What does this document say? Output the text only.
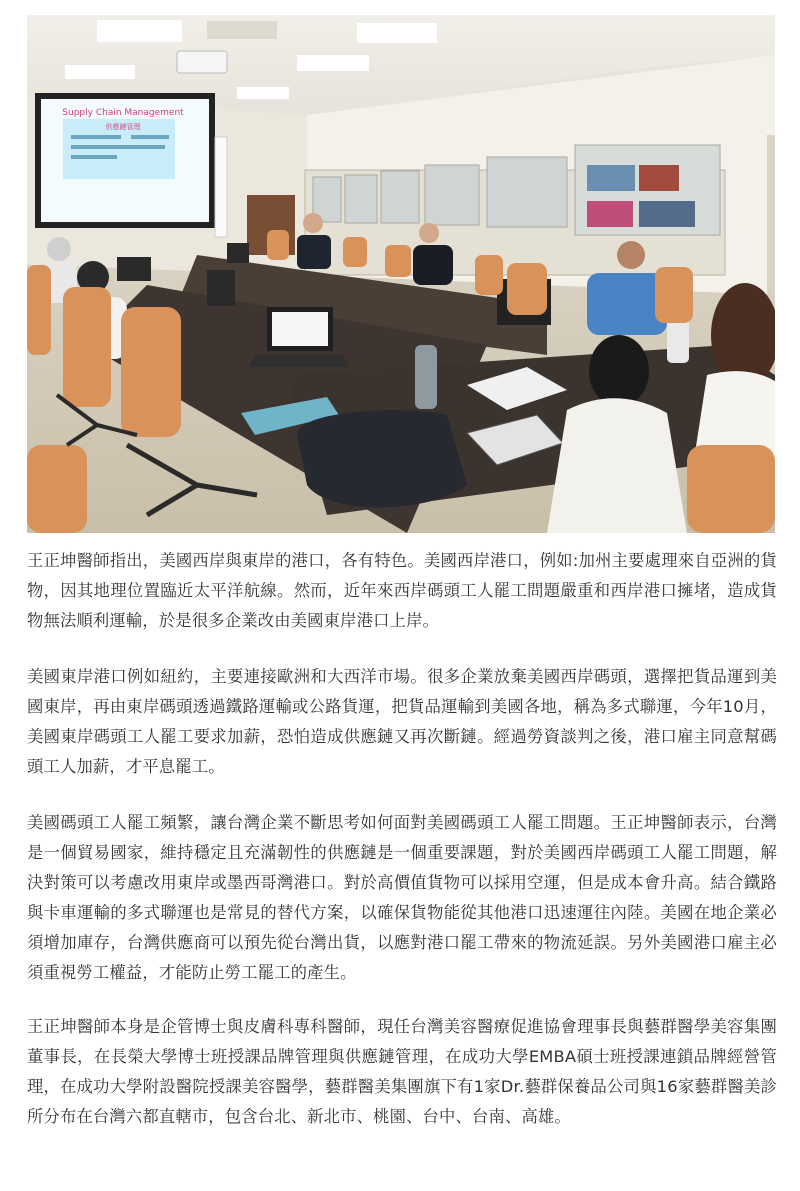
Supply Chain Management
供應鏈管理

王正坤醫師指出，美國西岸與東岸的港口，各有特色。美國西岸港口，例如:加州主要處理來自亞洲的貨物，因其地理位置臨近太平洋航線。然而，近年來西岸碼頭工人罷工問題嚴重和西岸港口擁堵，造成貨物無法順利運輸，於是很多企業改由美國東岸港口上岸。

美國東岸港口例如紐約，主要連接歐洲和大西洋市場。很多企業放棄美國西岸碼頭，選擇把貨品運到美國東岸，再由東岸碼頭透過鐵路運輸或公路貨運，把貨品運輸到美國各地，稱為多式聯運，今年10月，美國東岸碼頭工人罷工要求加薪，恐怕造成供應鏈又再次斷鏈。經過勞資談判之後，港口雇主同意幫碼頭工人加薪，才平息罷工。

美國碼頭工人罷工頻繁，讓台灣企業不斷思考如何面對美國碼頭工人罷工問題。王正坤醫師表示，台灣是一個貿易國家，維持穩定且充滿韌性的供應鏈是一個重要課題，對於美國西岸碼頭工人罷工問題，解決對策可以考慮改用東岸或墨西哥灣港口。對於高價值貨物可以採用空運，但是成本會升高。結合鐵路與卡車運輸的多式聯運也是常見的替代方案，以確保貨物能從其他港口迅速運往內陸。美國在地企業必須增加庫存，台灣供應商可以預先從台灣出貨，以應對港口罷工帶來的物流延誤。另外美國港口雇主必須重視勞工權益，才能防止勞工罷工的產生。

王正坤醫師本身是企管博士與皮膚科專科醫師，現任台灣美容醫療促進協會理事長與藝群醫學美容集團董事長，在長榮大學博士班授課品牌管理與供應鏈管理，在成功大學EMBA碩士班授課連鎖品牌經營管理，在成功大學附設醫院授課美容醫學，藝群醫美集團旗下有1家Dr.藝群保養品公司與16家藝群醫美診所分布在台灣六都直轄市，包含台北、新北市、桃園、台中、台南、高雄。
